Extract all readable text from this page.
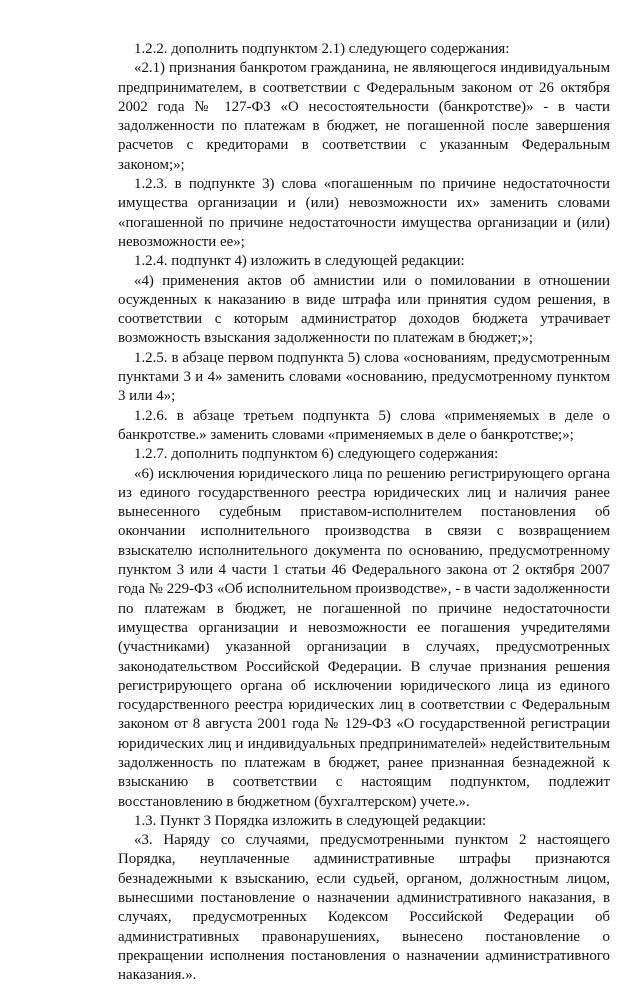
1.2.2. дополнить подпунктом 2.1) следующего содержания:

«2.1) признания банкротом гражданина, не являющегося индивидуальным предпринимателем, в соответствии с Федеральным законом от 26 октября 2002 года № 127-ФЗ «О несостоятельности (банкротстве)» - в части задолженности по платежам в бюджет, не погашенной после завершения расчетов с кредиторами в соответствии с указанным Федеральным законом;»;

1.2.3. в подпункте 3) слова «погашенным по причине недостаточности имущества организации и (или) невозможности их» заменить словами «погашенной по причине недостаточности имущества организации и (или) невозможности ее»;

1.2.4. подпункт 4) изложить в следующей редакции:

«4) применения актов об амнистии или о помиловании в отношении осужденных к наказанию в виде штрафа или принятия судом решения, в соответствии с которым администратор доходов бюджета утрачивает возможность взыскания задолженности по платежам в бюджет;»;

1.2.5. в абзаце первом подпункта 5) слова «основаниям, предусмотренным пунктами 3 и 4» заменить словами «основанию, предусмотренному пунктом 3 или 4»;

1.2.6. в абзаце третьем подпункта 5) слова «применяемых в деле о банкротстве.» заменить словами «применяемых в деле о банкротстве;»;

1.2.7. дополнить подпунктом 6) следующего содержания:

«6) исключения юридического лица по решению регистрирующего органа из единого государственного реестра юридических лиц и наличия ранее вынесенного судебным приставом-исполнителем постановления об окончании исполнительного производства в связи с возвращением взыскателю исполнительного документа по основанию, предусмотренному пунктом 3 или 4 части 1 статьи 46 Федерального закона от 2 октября 2007 года № 229-ФЗ «Об исполнительном производстве», - в части задолженности по платежам в бюджет, не погашенной по причине недостаточности имущества организации и невозможности ее погашения учредителями (участниками) указанной организации в случаях, предусмотренных законодательством Российской Федерации. В случае признания решения регистрирующего органа об исключении юридического лица из единого государственного реестра юридических лиц в соответствии с Федеральным законом от 8 августа 2001 года № 129-ФЗ «О государственной регистрации юридических лиц и индивидуальных предпринимателей» недействительным задолженность по платежам в бюджет, ранее признанная безнадежной к взысканию в соответствии с настоящим подпунктом, подлежит восстановлению в бюджетном (бухгалтерском) учете.».

1.3. Пункт 3 Порядка изложить в следующей редакции:

«3. Наряду со случаями, предусмотренными пунктом 2 настоящего Порядка, неуплаченные административные штрафы признаются безнадежными к взысканию, если судьей, органом, должностным лицом, вынесшими постановление о назначении административного наказания, в случаях, предусмотренных Кодексом Российской Федерации об административных правонарушениях, вынесено постановление о прекращении исполнения постановления о назначении административного наказания.».
